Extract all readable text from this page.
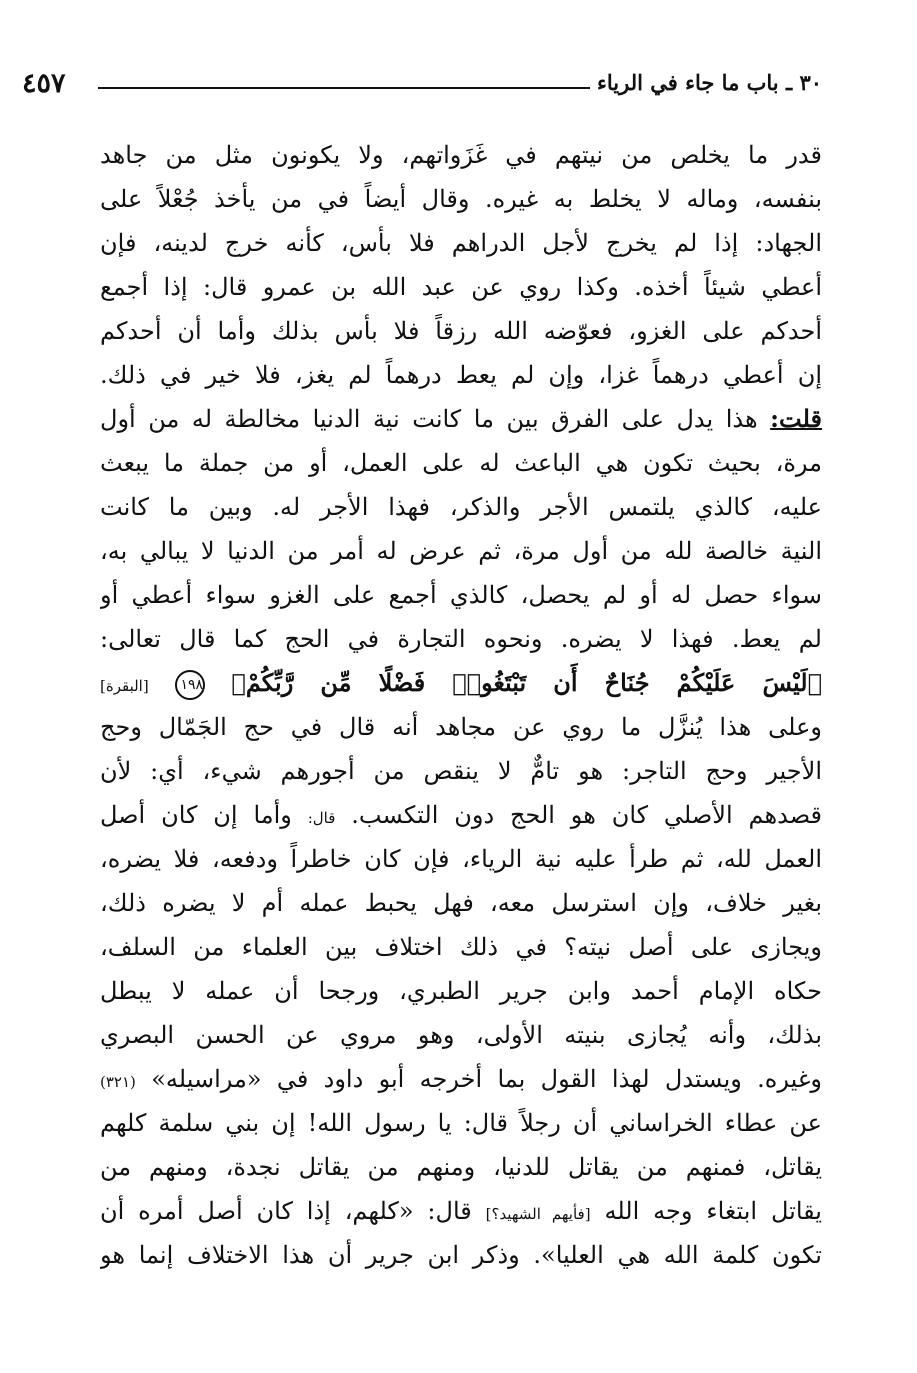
٤٥٧	٣٠ ـ باب ما جاء في الرياء
قدر ما يخلص من نيتهم في غَزَواتهم، ولا يكونون مثل من جاهد
بنفسه، وماله لا يخلط به غيره. وقال أيضاً في من يأخذ جُعْلاً على
الجهاد: إذا لم يخرج لأجل الدراهم فلا بأس، كأنه خرج لدينه، فإن
أعطي شيئاً أخذه. وكذا روي عن عبد الله بن عمرو قال: إذا أجمع
أحدكم على الغزو، فعوّضه الله رزقاً فلا بأس بذلك وأما أن أحدكم
إن أعطي درهماً غزا، وإن لم يعط درهماً لم يغز، فلا خير في ذلك.
قلت: هذا يدل على الفرق بين ما كانت نية الدنيا مخالطة له من أول
مرة، بحيث تكون هي الباعث له على العمل، أو من جملة ما يبعث
عليه، كالذي يلتمس الأجر والذكر، فهذا الأجر له. وبين ما كانت
النية خالصة لله من أول مرة، ثم عرض له أمر من الدنيا لا يبالي به،
سواء حصل له أو لم يحصل، كالذي أجمع على الغزو سواء أعطي أو
لم يعط. فهذا لا يضره. ونحوه التجارة في الحج كما قال تعالى:
﴿لَيْسَ عَلَيْكُمْ جُنَاحٌ أَن تَبْتَغُوا۟ فَضْلًا مِّن رَّبِّكُمْ﴾ ١٩٨ [البقرة]
وعلى هذا يُنزَّل ما روي عن مجاهد أنه قال في حج الجَمّال وحج
الأجير وحج التاجر: هو تامٌّ لا ينقص من أجورهم شيء، أي: لأن
قصدهم الأصلي كان هو الحج دون التكسب. قال: وأما إن كان أصل
العمل لله، ثم طرأ عليه نية الرياء، فإن كان خاطراً ودفعه، فلا يضره،
بغير خلاف، وإن استرسل معه، فهل يحبط عمله أم لا يضره ذلك،
ويجازى على أصل نيته؟ في ذلك اختلاف بين العلماء من السلف،
حكاه الإمام أحمد وابن جرير الطبري، ورجحا أن عمله لا يبطل
بذلك، وأنه يُجازى بنيته الأولى، وهو مروي عن الحسن البصري
وغيره. ويستدل لهذا القول بما أخرجه أبو داود في «مراسيله» (٣٢١)
عن عطاء الخراساني أن رجلاً قال: يا رسول الله! إن بني سلمة كلهم
يقاتل، فمنهم من يقاتل للدنيا، ومنهم من يقاتل نجدة، ومنهم من
يقاتل ابتغاء وجه الله [فأيهم الشهيد؟] قال: «كلهم، إذا كان أصل أمره أن
تكون كلمة الله هي العليا». وذكر ابن جرير أن هذا الاختلاف إنما هو
